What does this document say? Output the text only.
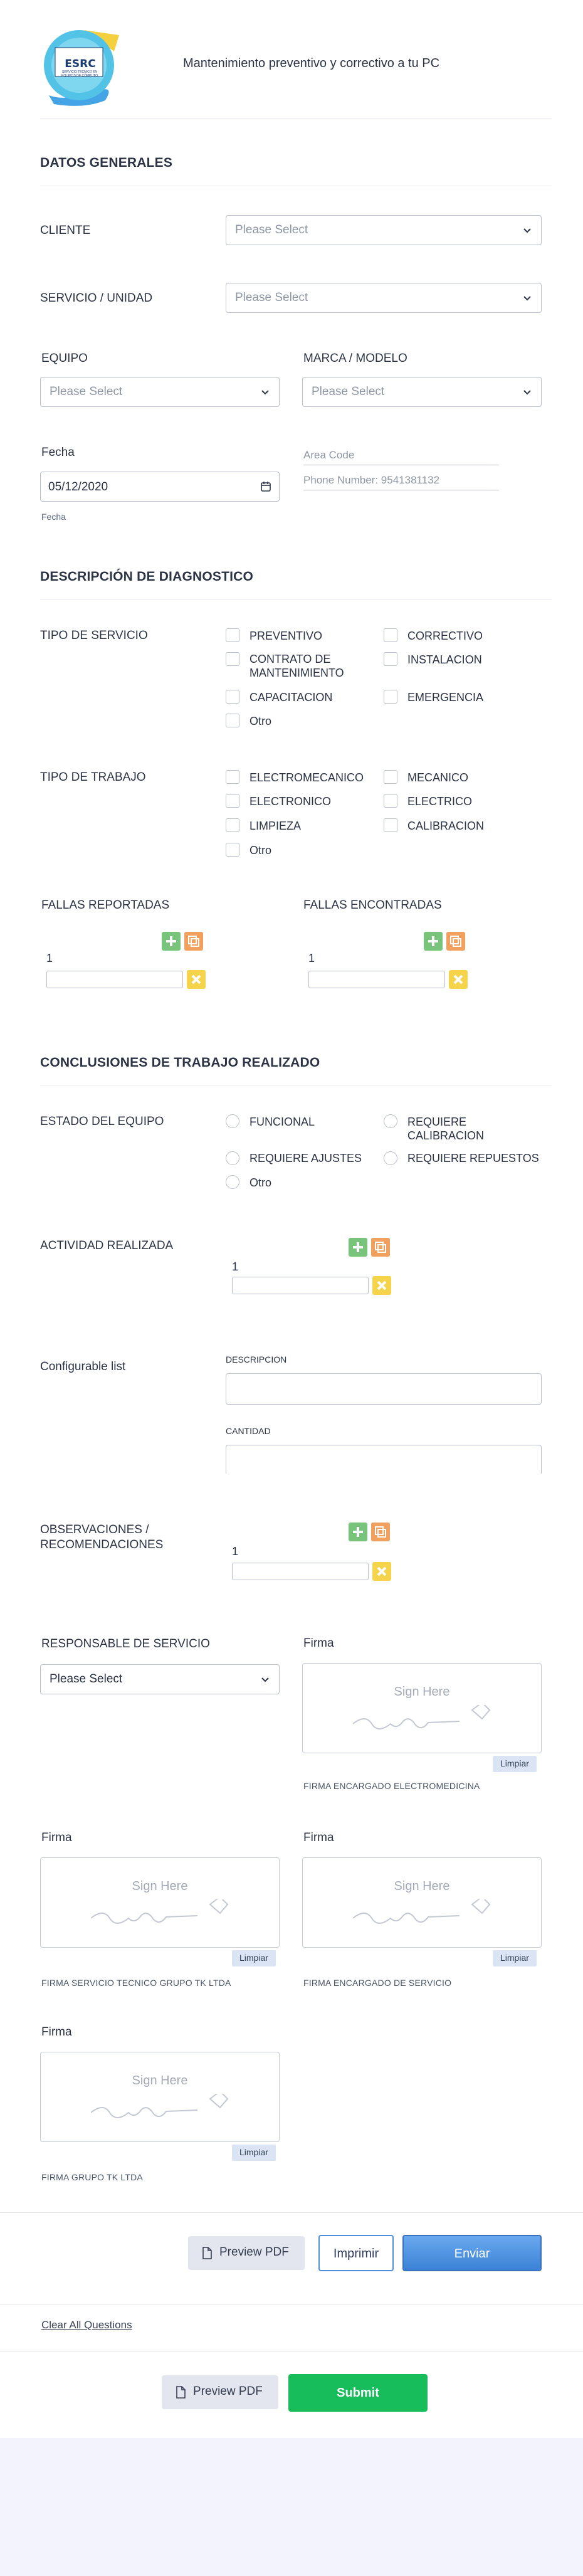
ESRC
SERVICIO TECNICO EN EQUIPOS DE CÓMPUTO
Mantenimiento preventivo y correctivo a tu PC
DATOS GENERALES
CLIENTE	Please Select
SERVICIO / UNIDAD	Please Select
EQUIPO
Please Select
MARCA / MODELO
Please Select
Fecha
05/12/2020
Fecha
Area Code
Phone Number: 9541381132
DESCRIPCIÓN DE DIAGNOSTICO
TIPO DE SERVICIO	PREVENTIVO	CORRECTIVO
CONTRATO DE MANTENIMIENTO
INSTALACION
CAPACITACION	EMERGENCIA
Otro
TIPO DE TRABAJO	ELECTROMECANICO	MECANICO
ELECTRONICO	ELECTRICO
LIMPIEZA	CALIBRACION
Otro
FALLAS REPORTADAS
1
FALLAS ENCONTRADAS
1
CONCLUSIONES DE TRABAJO REALIZADO
ESTADO DEL EQUIPO	FUNCIONAL	REQUIERE CALIBRACION
REQUIERE AJUSTES	REQUIERE REPUESTOS
Otro
ACTIVIDAD REALIZADA
1
Configurable list
DESCRIPCION
CANTIDAD
OBSERVACIONES / RECOMENDACIONES	1
RESPONSABLE DE SERVICIO
Please Select
Firma
Sign Here
Limpiar
FIRMA ENCARGADO ELECTROMEDICINA
Firma
Sign Here
Limpiar
FIRMA SERVICIO TECNICO GRUPO TK LTDA
Firma
Sign Here
Limpiar
FIRMA ENCARGADO DE SERVICIO
Firma
Sign Here
Limpiar
FIRMA GRUPO TK LTDA
Preview PDF	Imprimir	Enviar
Clear All Questions
Preview PDF	Submit
